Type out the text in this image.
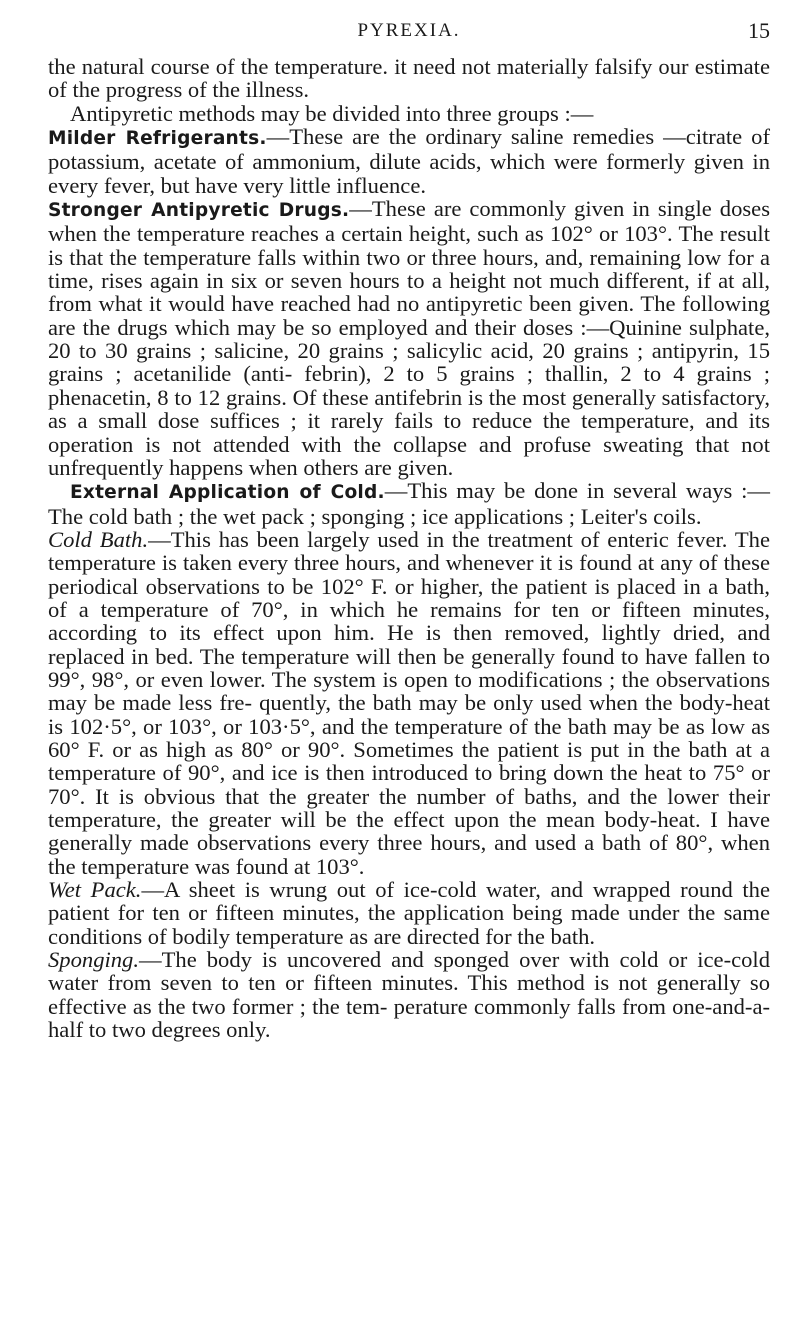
PYREXIA.	15

the natural course of the temperature. it need not materially falsify our estimate of the progress of the illness.

Antipyretic methods may be divided into three groups :—

Milder Refrigerants.—These are the ordinary saline remedies —citrate of potassium, acetate of ammonium, dilute acids, which were formerly given in every fever, but have very little influence.

Stronger Antipyretic Drugs.—These are commonly given in single doses when the temperature reaches a certain height, such as 102° or 103°. The result is that the temperature falls within two or three hours, and, remaining low for a time, rises again in six or seven hours to a height not much different, if at all, from what it would have reached had no antipyretic been given. The following are the drugs which may be so employed and their doses :—Quinine sulphate, 20 to 30 grains ; salicine, 20 grains ; salicylic acid, 20 grains ; antipyrin, 15 grains ; acetanilide (anti- febrin), 2 to 5 grains ; thallin, 2 to 4 grains ; phenacetin, 8 to 12 grains. Of these antifebrin is the most generally satisfactory, as a small dose suffices ; it rarely fails to reduce the temperature, and its operation is not attended with the collapse and profuse sweating that not unfrequently happens when others are given.

External Application of Cold.—This may be done in several ways :—The cold bath ; the wet pack ; sponging ; ice applications ; Leiter's coils.

Cold Bath.—This has been largely used in the treatment of enteric fever. The temperature is taken every three hours, and whenever it is found at any of these periodical observations to be 102° F. or higher, the patient is placed in a bath, of a temperature of 70°, in which he remains for ten or fifteen minutes, according to its effect upon him. He is then removed, lightly dried, and replaced in bed. The temperature will then be generally found to have fallen to 99°, 98°, or even lower. The system is open to modifications ; the observations may be made less fre- quently, the bath may be only used when the body-heat is 102·5°, or 103°, or 103·5°, and the temperature of the bath may be as low as 60° F. or as high as 80° or 90°. Sometimes the patient is put in the bath at a temperature of 90°, and ice is then introduced to bring down the heat to 75° or 70°. It is obvious that the greater the number of baths, and the lower their temperature, the greater will be the effect upon the mean body-heat. I have generally made observations every three hours, and used a bath of 80°, when the temperature was found at 103°.

Wet Pack.—A sheet is wrung out of ice-cold water, and wrapped round the patient for ten or fifteen minutes, the application being made under the same conditions of bodily temperature as are directed for the bath.

Sponging.—The body is uncovered and sponged over with cold or ice-cold water from seven to ten or fifteen minutes. This method is not generally so effective as the two former ; the tem- perature commonly falls from one-and-a-half to two degrees only.
